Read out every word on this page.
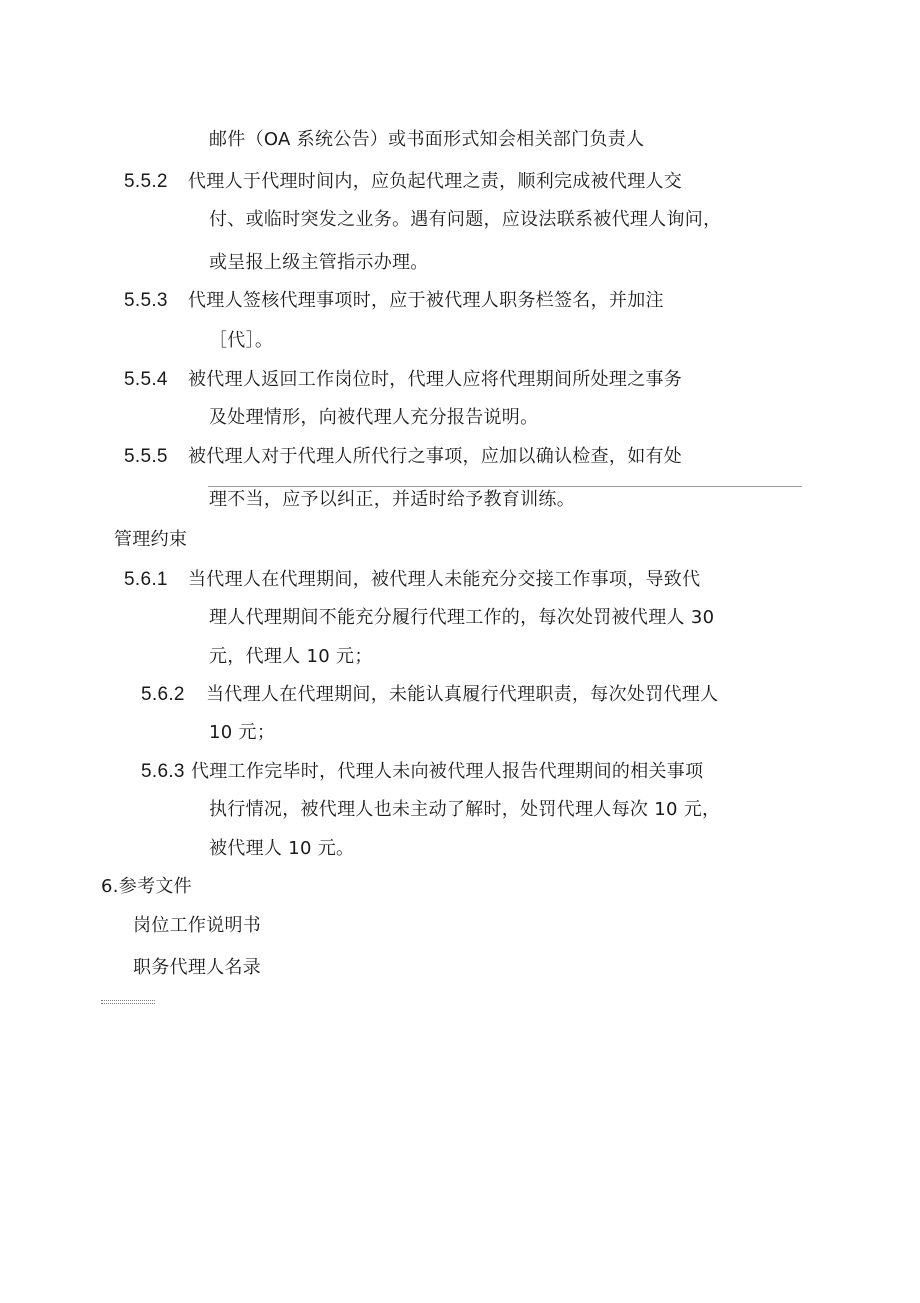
邮件（OA 系统公告）或书面形式知会相关部门负责人
5.5.2 代理人于代理时间内，应负起代理之责，顺利完成被代理人交
付、或临时突发之业务。遇有问题，应设法联系被代理人询问，
或呈报上级主管指示办理。
5.5.3 代理人签核代理事项时，应于被代理人职务栏签名，并加注
［代］。
5.5.4 被代理人返回工作岗位时，代理人应将代理期间所处理之事务
及处理情形，向被代理人充分报告说明。
5.5.5 被代理人对于代理人所代行之事项，应加以确认检查，如有处
理不当，应予以纠正，并适时给予教育训练。
管理约束
5.6.1 当代理人在代理期间，被代理人未能充分交接工作事项，导致代
理人代理期间不能充分履行代理工作的，每次处罚被代理人 30
元，代理人 10 元；
5.6.2 当代理人在代理期间，未能认真履行代理职责，每次处罚代理人
10 元；
5.6.3 代理工作完毕时，代理人未向被代理人报告代理期间的相关事项
执行情况，被代理人也未主动了解时，处罚代理人每次 10 元，
被代理人 10 元。
6.参考文件
岗位工作说明书
职务代理人名录
